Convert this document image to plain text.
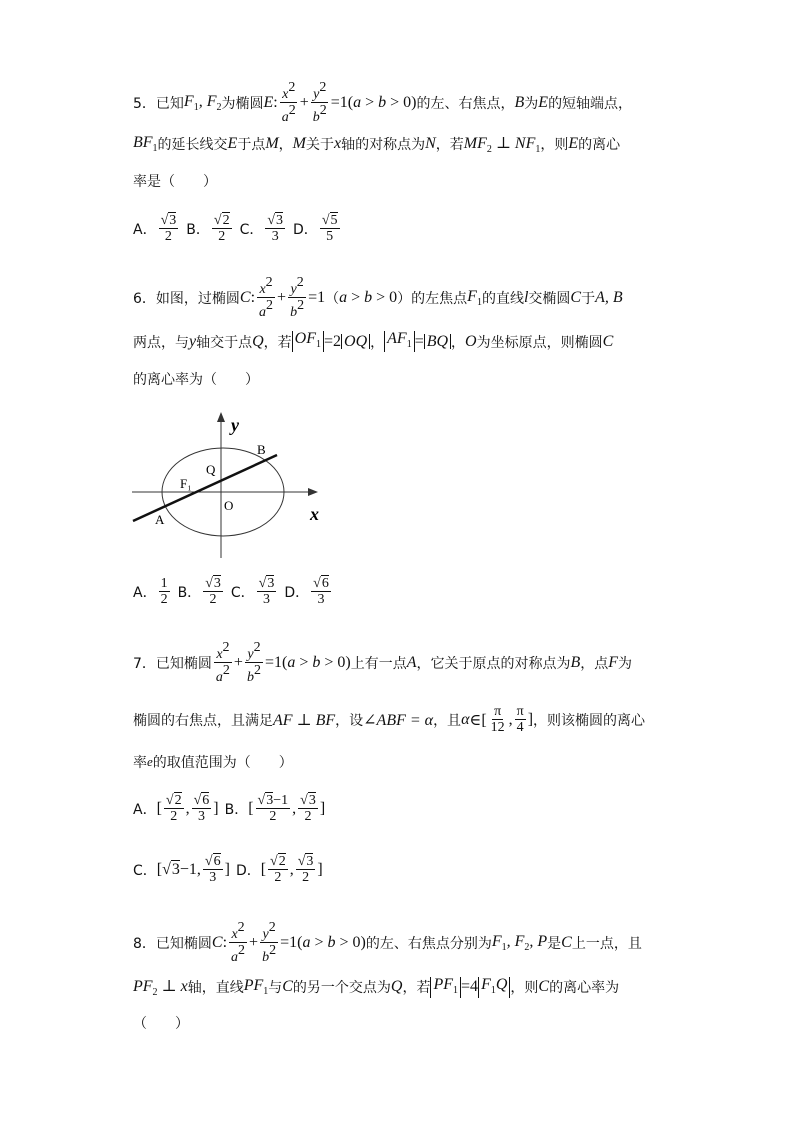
5．已知 $F_1$, $F_2$ 为椭圆 E : $\frac{x2}{a2} + \frac{y2}{b2} =1(a > b > 0)$ 的左、右焦点， B 为 E 的短轴端点，
$BF_1$ 的延长线交 E 于点 M ， M 关于 x 轴的对称点为 N ，若 $MF_2$ ⊥ $NF_1$ ，则 E 的离心
率是（　　）
A． $\frac{√3}{2}$ B． $\frac{√2}{2}$ C． $\frac{√3}{3}$ D． $\frac{√5}{5}$
6．如图，过椭圆 C : $\frac{x2}{a2} + \frac{y2}{b2} =1$ （ a > b > 0 ）的左焦点 $F_1$ 的直线 l 交椭圆 C 于 A, B
两点，与 y 轴交于点 Q ，若 $OF_1 =2$ OQ ， $AF_1$ = BQ ， O 为坐标原点，则椭圆 C
的离心率为（　　）
y
x
B
Q
F₁
O
A
A． $\frac{1}{2}$ B． $\frac{√3}{2}$ C． $\frac{√3}{3}$ D． $\frac{√6}{3}$
7．已知椭圆 $\frac{x2}{a2} + \frac{y2}{b2} =1(a > b > 0)$ 上有一点 A ，它关于原点的对称点为 B ，点 F 为
椭圆的右焦点，且满足 AF ⊥ BF ，设 ∠ABF = α ，且 α ∈[ $\frac{\pi}{12}$ , $\frac{\pi}{4}$ ] ，则该椭圆的离心
率 e 的取值范围为（　　）
A． [ $\frac{√2}{2}$ , $\frac{√6}{3}$ ] B． [ $\frac{√3-1}{2}$ , $\frac{√3}{2}$ ]
C． [√3−1, $\frac{√6}{3}$ ] D． [ $\frac{√2}{2}$ , $\frac{√3}{2}$ ]
8．已知椭圆 C : $\frac{x2}{a2} + \frac{y2}{b2} =1(a > b > 0)$ 的左、右焦点分别为 $F_1$, $F_2$, P 是 C 上一点，且
$PF_2$ ⊥ x 轴，直线 $PF_1$ 与 C 的另一个交点为 Q ，若 $PF_1 =4$ $F_1Q$ ，则 C 的离心率为
（　　）
